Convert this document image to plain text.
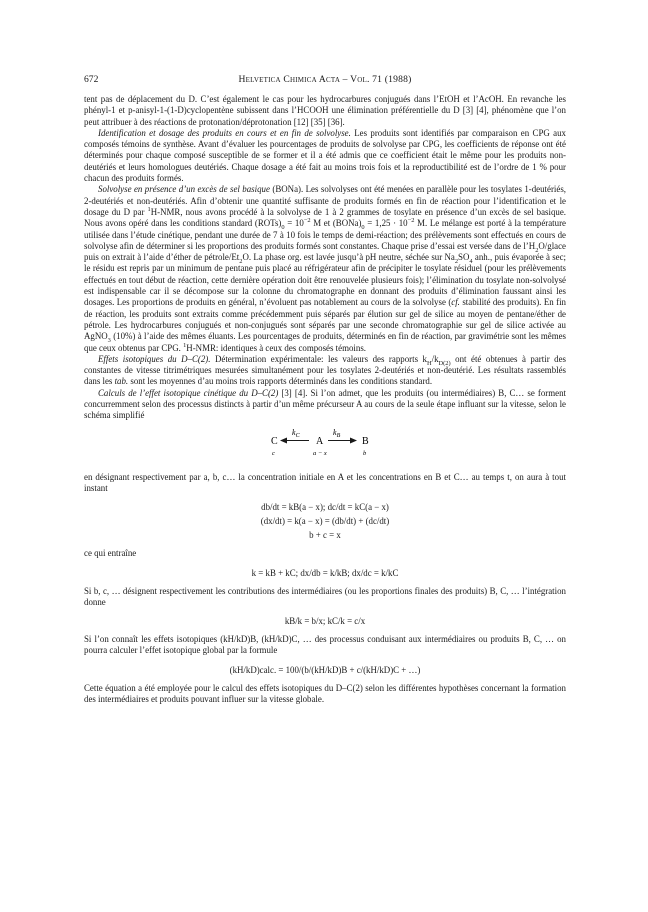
672	Helvetica Chimica Acta – Vol. 71 (1988)

tent pas de déplacement du D. C’est également le cas pour les hydrocarbures conjugués dans l’EtOH et l’AcOH. En revanche les phényl-1 et p-anisyl-1-(1-D)cyclopentène subissent dans l’HCOOH une élimination préférentielle du D [3] [4], phénomène que l’on peut attribuer à des réactions de protonation/déprotonation [12] [35] [36].

Identification et dosage des produits en cours et en fin de solvolyse. Les produits sont identifiés par comparaison en CPG aux composés témoins de synthèse. Avant d’évaluer les pourcentages de produits de solvolyse par CPG, les coefficients de réponse ont été déterminés pour chaque composé susceptible de se former et il a été admis que ce coefficient était le même pour les produits non-deutériés et leurs homologues deutériés. Chaque dosage a été fait au moins trois fois et la reproductibilité est de l’ordre de 1 % pour chacun des produits formés.

Solvolyse en présence d’un excès de sel basique (BONa). Les solvolyses ont été menées en parallèle pour les tosylates 1-deutériés, 2-deutériés et non-deutériés. Afin d’obtenir une quantité suffisante de produits formés en fin de réaction pour l’identification et le dosage du D par $^1$H-NMR, nous avons procédé à la solvolyse de 1 à 2 grammes de tosylate en présence d’un excès de sel basique. Nous avons opéré dans les conditions standard $(ROTs)_0 = 10^{-2}$ M et $(BONa)_0 = 1,25 \cdot 10^{-2}$ M. Le mélange est porté à la température utilisée dans l’étude cinétique, pendant une durée de 7 à 10 fois le temps de demi-réaction; des prélèvements sont effectués en cours de solvolyse afin de déterminer si les proportions des produits formés sont constantes. Chaque prise d’essai est versée dans de $l’H_2O$/glace puis on extrait à l’aide d’éther de pétrole/$Et_2O$. La phase org. est lavée jusqu’à pH neutre, séchée sur $Na_2SO_4$ anh., puis évaporée à sec; le résidu est repris par un minimum de pentane puis placé au réfrigérateur afin de précipiter le tosylate résiduel (pour les prélèvements effectués en tout début de réaction, cette dernière opération doit être renouvelée plusieurs fois); l’élimination du tosylate non-solvolysé est indispensable car il se décompose sur la colonne du chromatographe en donnant des produits d’élimination faussant ainsi les dosages. Les proportions de produits en général, n’évoluent pas notablement au cours de la solvolyse (cf. stabilité des produits). En fin de réaction, les produits sont extraits comme précédemment puis séparés par élution sur gel de silice au moyen de pentane/éther de pétrole. Les hydrocarbures conjugués et non-conjugués sont séparés par une seconde chromatographie sur gel de silice activée au AgNO$_3$ (10%) à l’aide des mêmes éluants. Les pourcentages de produits, déterminés en fin de réaction, par gravimétrie sont les mêmes que ceux obtenus par CPG. $^1$H-NMR: identiques à ceux des composés témoins.

Effets isotopiques du D–C(2). Détermination expérimentale: les valeurs des rapports $k_H/k_{D(2)}$ ont été obtenues à partir des constantes de vitesse titrimétriques mesurées simultanément pour les tosylates 2-deutériés et non-deutérié. Les résultats rassemblés dans les tab. sont les moyennes d’au moins trois rapports déterminés dans les conditions standard.

Calculs de l’effet isotopique cinétique du D–C(2) [3] [4]. Si l’on admet, que les produits (ou intermédiaires) B, C… se forment concurremment selon des processus distincts à partir d’un même précurseur A au cours de la seule étape influant sur la vitesse, selon le schéma simplifié

C
$k_C$ A
$k_B$ B
c	a − x	b

en désignant respectivement par a, b, c… la concentration initiale en A et les concentrations en B et C… au temps t, on aura à tout instant

db/dt = kB(a − x); dc/dt = kC(a − x)
(dx/dt) = k(a − x) = (db/dt) + (dc/dt)
b + c = x

ce qui entraîne

k = kB + kC; dx/db = k/kB; dx/dc = k/kC

Si b, c, … désignent respectivement les contributions des intermédiaires (ou les proportions finales des produits) B, C, … l’intégration donne

kB/k = b/x; kC/k = c/x

Si l’on connaît les effets isotopiques (kH/kD)B, (kH/kD)C, … des processus conduisant aux intermédiaires ou produits B, C, … on pourra calculer l’effet isotopique global par la formule

(kH/kD)calc. = 100/(b/(kH/kD)B + c/(kH/kD)C + …)

Cette équation a été employée pour le calcul des effets isotopiques du D–C(2) selon les différentes hypothèses concernant la formation des intermédiaires et produits pouvant influer sur la vitesse globale.
